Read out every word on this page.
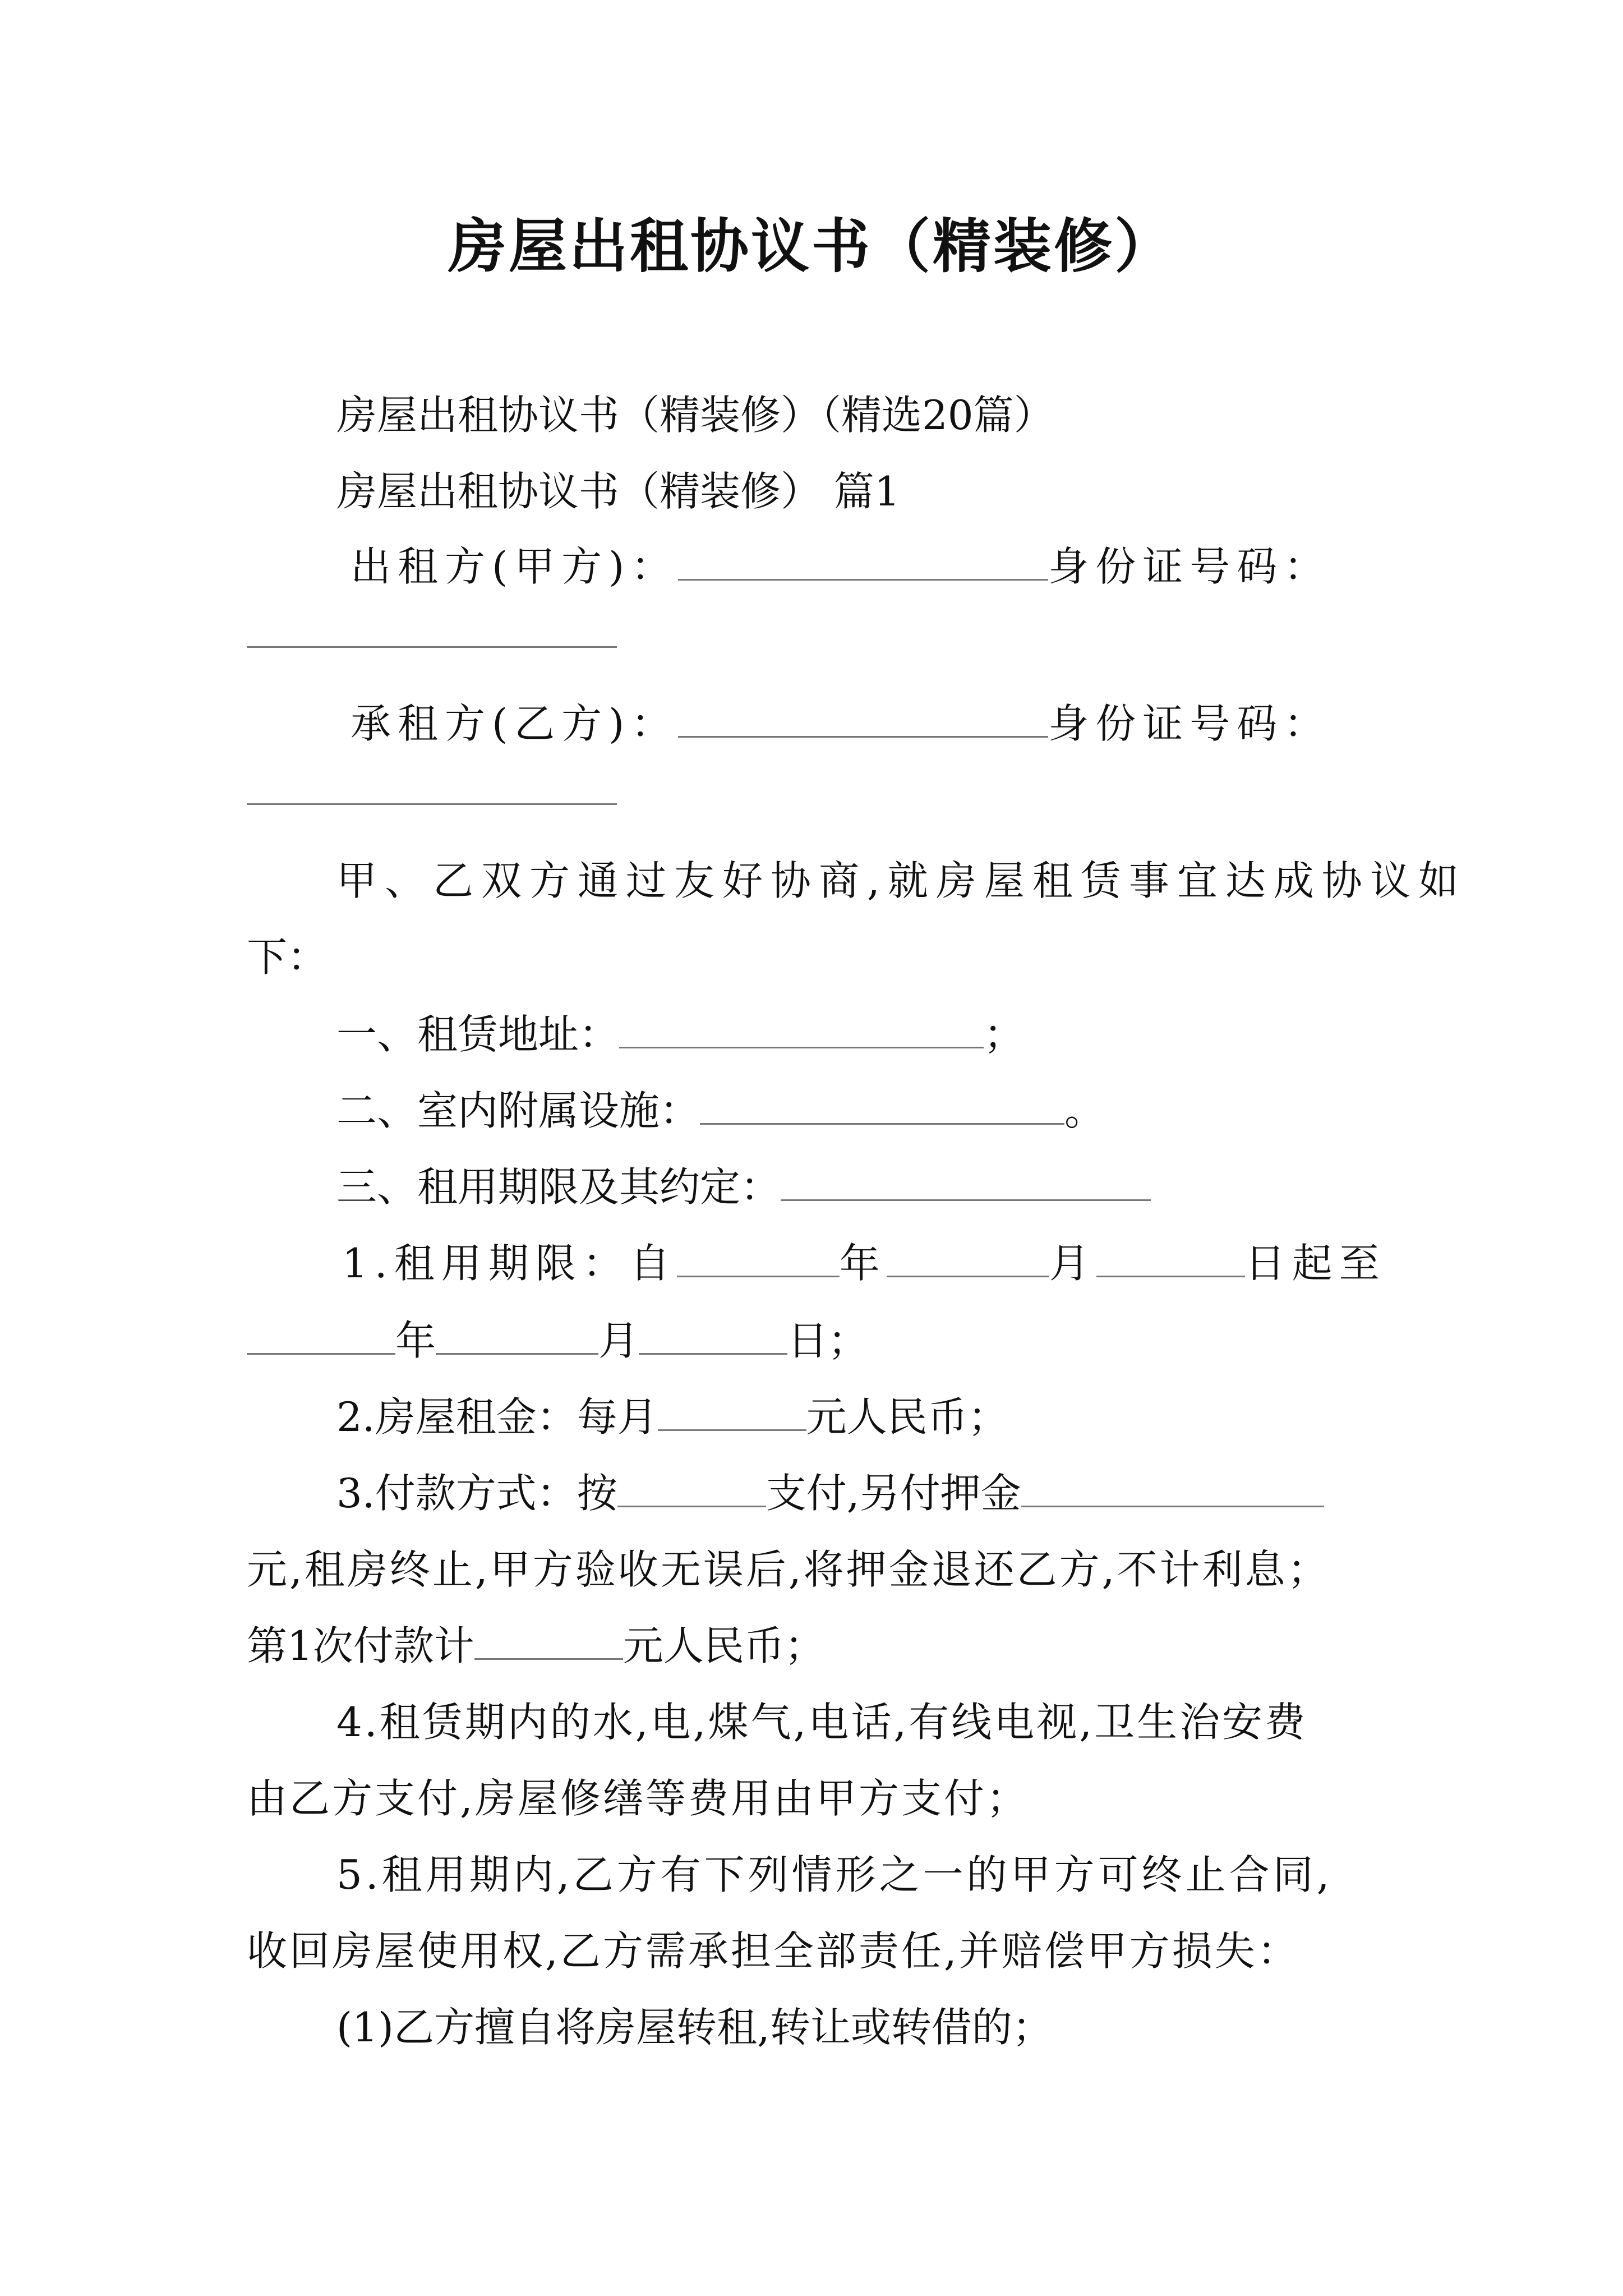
房屋出租协议书（精装修）
房屋出租协议书（精装修）（精选20篇）
房屋出租协议书（精装修） 篇1
出租方(甲方)：	身份证号码：
承租方(乙方)：	身份证号码：
甲、乙双方通过友好协商,就房屋租赁事宜达成协议如
下：
一、租赁地址：	；
二、室内附属设施：	。
三、租用期限及其约定：
1.租用期限：自	年	月	日起至
年	月	日；
2.房屋租金：每月	元人民币；
3.付款方式：按	支付,另付押金
元,租房终止,甲方验收无误后,将押金退还乙方,不计利息；
第1次付款计	元人民币；
4.租赁期内的水,电,煤气,电话,有线电视,卫生治安费
由乙方支付,房屋修缮等费用由甲方支付；
5.租用期内,乙方有下列情形之一的甲方可终止合同,
收回房屋使用权,乙方需承担全部责任,并赔偿甲方损失：
(1)乙方擅自将房屋转租,转让或转借的；
